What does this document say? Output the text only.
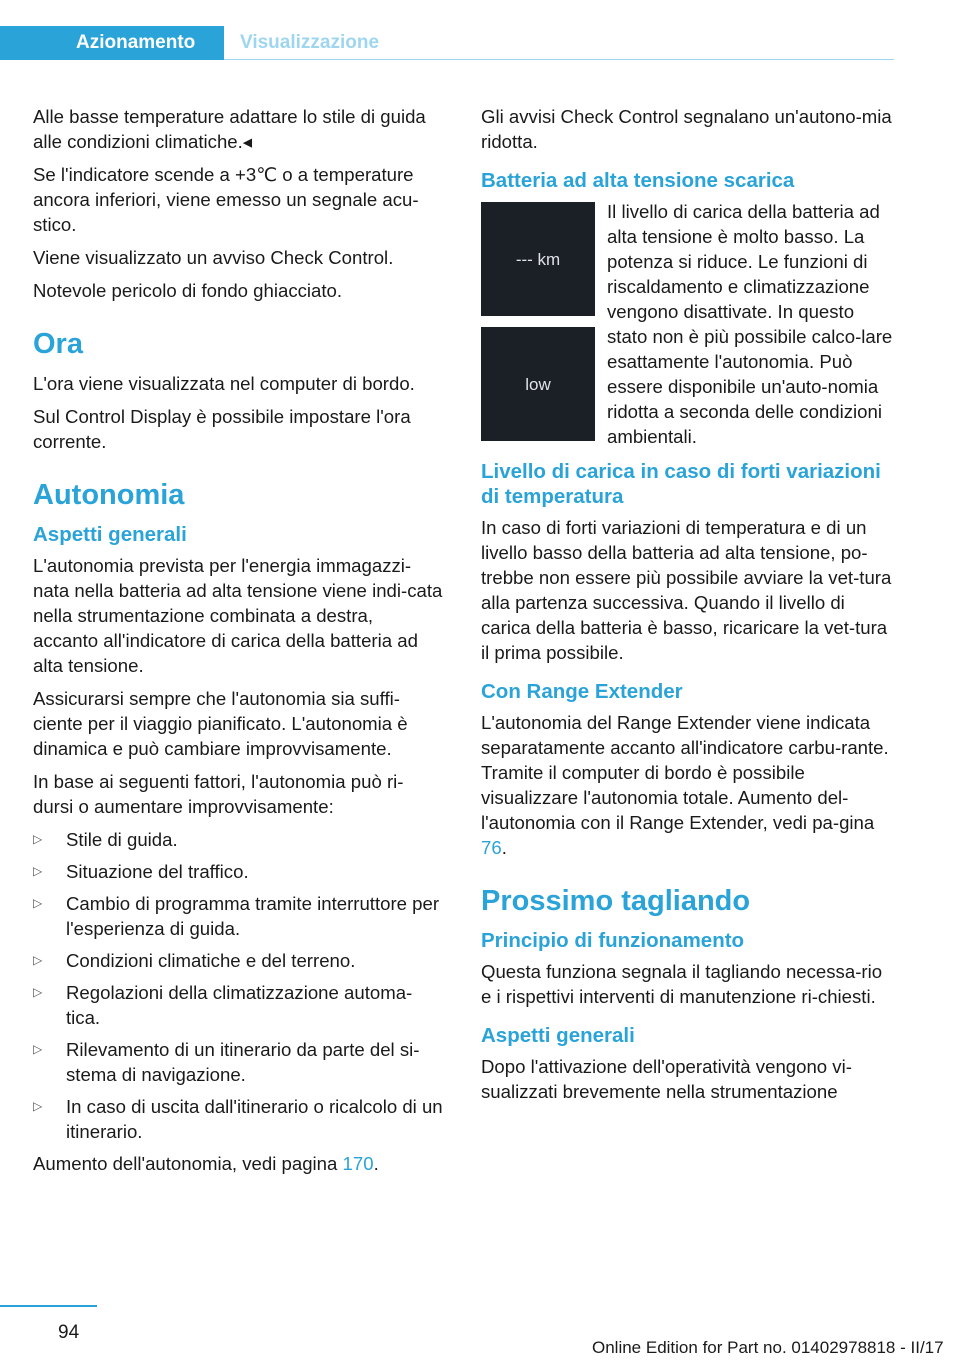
Azionamento	Visualizzazione

Alle basse temperature adattare lo stile di guida alle condizioni climatiche.◂

Se l'indicatore scende a +3℃ o a temperature ancora inferiori, viene emesso un segnale acu-stico.

Viene visualizzato un avviso Check Control.

Notevole pericolo di fondo ghiacciato.

Ora

L'ora viene visualizzata nel computer di bordo.

Sul Control Display è possibile impostare l'ora corrente.

Autonomia
Aspetti generali

L'autonomia prevista per l'energia immagazzi-nata nella batteria ad alta tensione viene indi-cata nella strumentazione combinata a destra, accanto all'indicatore di carica della batteria ad alta tensione.

Assicurarsi sempre che l'autonomia sia suffi-ciente per il viaggio pianificato. L'autonomia è dinamica e può cambiare improvvisamente.

In base ai seguenti fattori, l'autonomia può ri-dursi o aumentare improvvisamente:

▷ Stile di guida.
▷ Situazione del traffico.
▷ Cambio di programma tramite interruttore per l'esperienza di guida.
▷ Condizioni climatiche e del terreno.
▷ Regolazioni della climatizzazione automa-tica.
▷ Rilevamento di un itinerario da parte del si-stema di navigazione.
▷ In caso di uscita dall'itinerario o ricalcolo di un itinerario.

Aumento dell'autonomia, vedi pagina 170.

Gli avvisi Check Control segnalano un'autono-mia ridotta.

Batteria ad alta tensione scarica
--- km
low
Il livello di carica della batteria ad alta tensione è molto basso. La potenza si riduce. Le funzioni di riscaldamento e climatizzazione vengono disattivate. In questo stato non è più possibile calco-lare esattamente l'autonomia. Può essere disponibile un'auto-nomia ridotta a seconda delle condizioni ambientali.
Livello di carica in caso di forti variazioni di temperatura

In caso di forti variazioni di temperatura e di un livello basso della batteria ad alta tensione, po-trebbe non essere più possibile avviare la vet-tura alla partenza successiva. Quando il livello di carica della batteria è basso, ricaricare la vet-tura il prima possibile.

Con Range Extender

L'autonomia del Range Extender viene indicata separatamente accanto all'indicatore carbu-rante. Tramite il computer di bordo è possibile visualizzare l'autonomia totale. Aumento del-l'autonomia con il Range Extender, vedi pa-gina 76.

Prossimo tagliando
Principio di funzionamento

Questa funziona segnala il tagliando necessa-rio e i rispettivi interventi di manutenzione ri-chiesti.

Aspetti generali

Dopo l'attivazione dell'operatività vengono vi-sualizzati brevemente nella strumentazione

94
Online Edition for Part no. 01402978818 - II/17
